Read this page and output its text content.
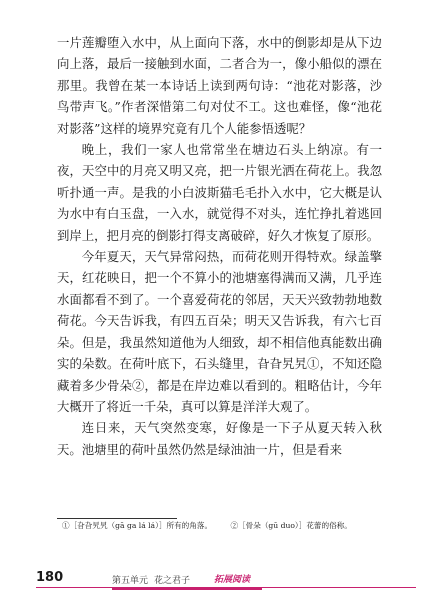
一片莲瓣堕入水中，从上面向下落，水中的倒影却是从下边向上落，最后一接触到水面，二者合为一，像小船似的漂在那里。我曾在某一本诗话上读到两句诗：“池花对影落，沙鸟带声飞。”作者深惜第二句对仗不工。这也难怪，像“池花对影落”这样的境界究竟有几个人能参悟透呢？

晚上，我们一家人也常常坐在塘边石头上纳凉。有一夜，天空中的月亮又明又亮，把一片银光洒在荷花上。我忽听扑通一声。是我的小白波斯猫毛毛扑入水中，它大概是认为水中有白玉盘，一入水，就觉得不对头，连忙挣扎着逃回到岸上，把月亮的倒影打得支离破碎，好久才恢复了原形。

今年夏天，天气异常闷热，而荷花则开得特欢。绿盖擎天，红花映日，把一个不算小的池塘塞得满而又满，几乎连水面都看不到了。一个喜爱荷花的邻居，天天兴致勃勃地数荷花。今天告诉我，有四五百朵；明天又告诉我，有六七百朵。但是，我虽然知道他为人细致，却不相信他真能数出确实的朵数。在荷叶底下，石头缝里，旮旮旯旯①，不知还隐藏着多少骨朵②，都是在岸边难以看到的。粗略估计，今年大概开了将近一千朵，真可以算是洋洋大观了。

连日来，天气突然变寒，好像是一下子从夏天转入秋天。池塘里的荷叶虽然仍然是绿油油一片，但是看来

①［旮旮旯旯（gā ga lá lá）］所有的角落。 ②［骨朵（gū duo）］花蕾的俗称。
180	第五单元 花之君子	拓展阅读
